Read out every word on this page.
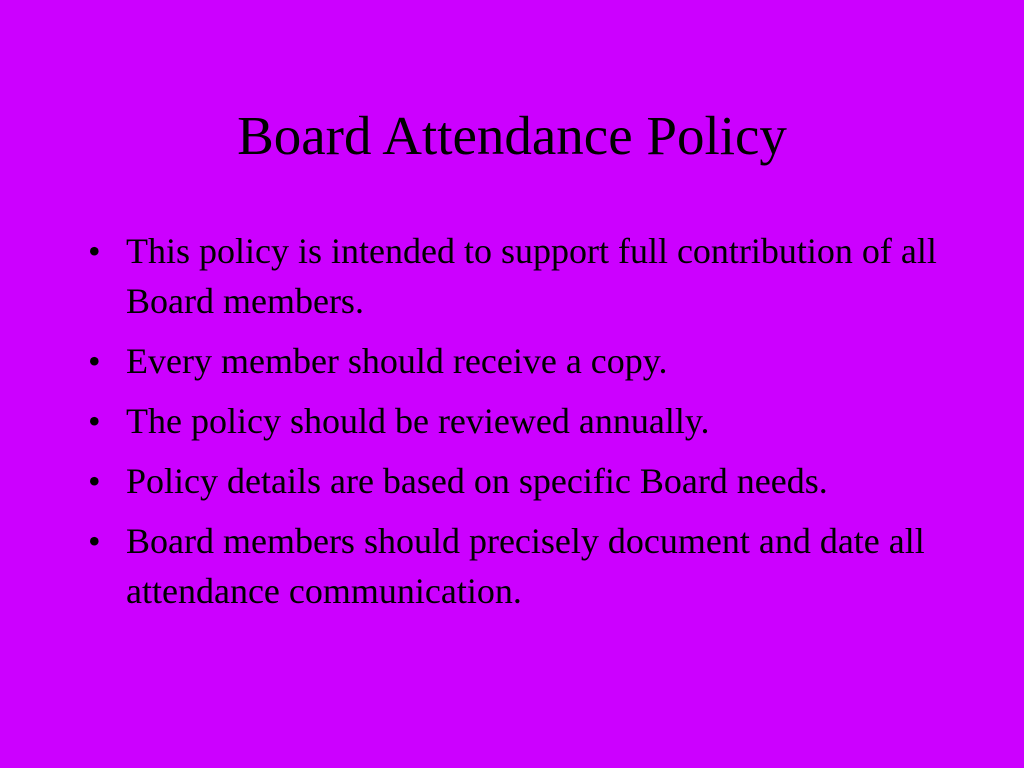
Board Attendance Policy
• This policy is intended to support full contribution of all Board members.
• Every member should receive a copy.
• The policy should be reviewed annually.
• Policy details are based on specific Board needs.
• Board members should precisely document and date all attendance communication.
